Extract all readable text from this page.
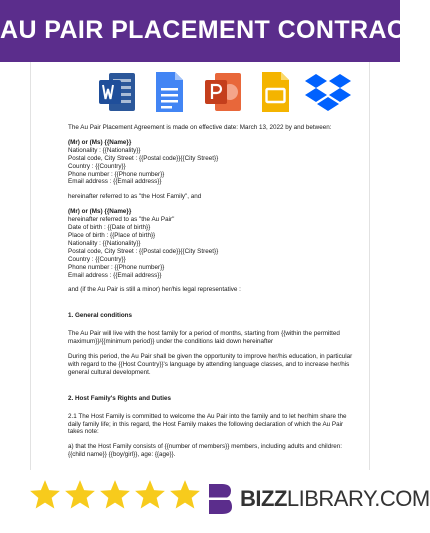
AU PAIR PLACEMENT CONTRACT
The Au Pair Placement Agreement is made on effective date: March 13, 2022 by and between:
(Mr) or (Ms) {{Name}}
Nationality : {{Nationality}}
Postal code, City Street : {{Postal code}}{{City Street}}
Country : {{Country}}
Phone number : {{Phone number}}
Email address : {{Email address}}
hereinafter referred to as "the Host Family", and
(Mr) or (Ms) {{Name}}
hereinafter referred to as "the Au Pair"
Date of birth : {{Date of birth}}
Place of birth : {{Place of birth}}
Nationality : {{Nationality}}
Postal code, City Street : {{Postal code}}{{City Street}}
Country : {{Country}}
Phone number : {{Phone number}}
Email address : {{Email address}}
and (if the Au Pair is still a minor) her/his legal representative :
1. General conditions
The Au Pair will live with the host family for a period of months, starting from {{within the permitted maximum}}/{{minimum period}} under the conditions laid down hereinafter
During this period, the Au Pair shall be given the opportunity to improve her/his education, in particular with regard to the {{Host Country}}'s language by attending language classes, and to increase her/his general cultural development.
2. Host Family's Rights and Duties
2.1 The Host Family is committed to welcome the Au Pair into the family and to let her/him share the daily family life; in this regard, the Host Family makes the following declaration of which the Au Pair takes note:
a) that the Host Family consists of {{number of members}} members, including adults and children: {{child name}} {{boy/girl}}, age: {{age}}.
BIZZLIBRARY.COM
